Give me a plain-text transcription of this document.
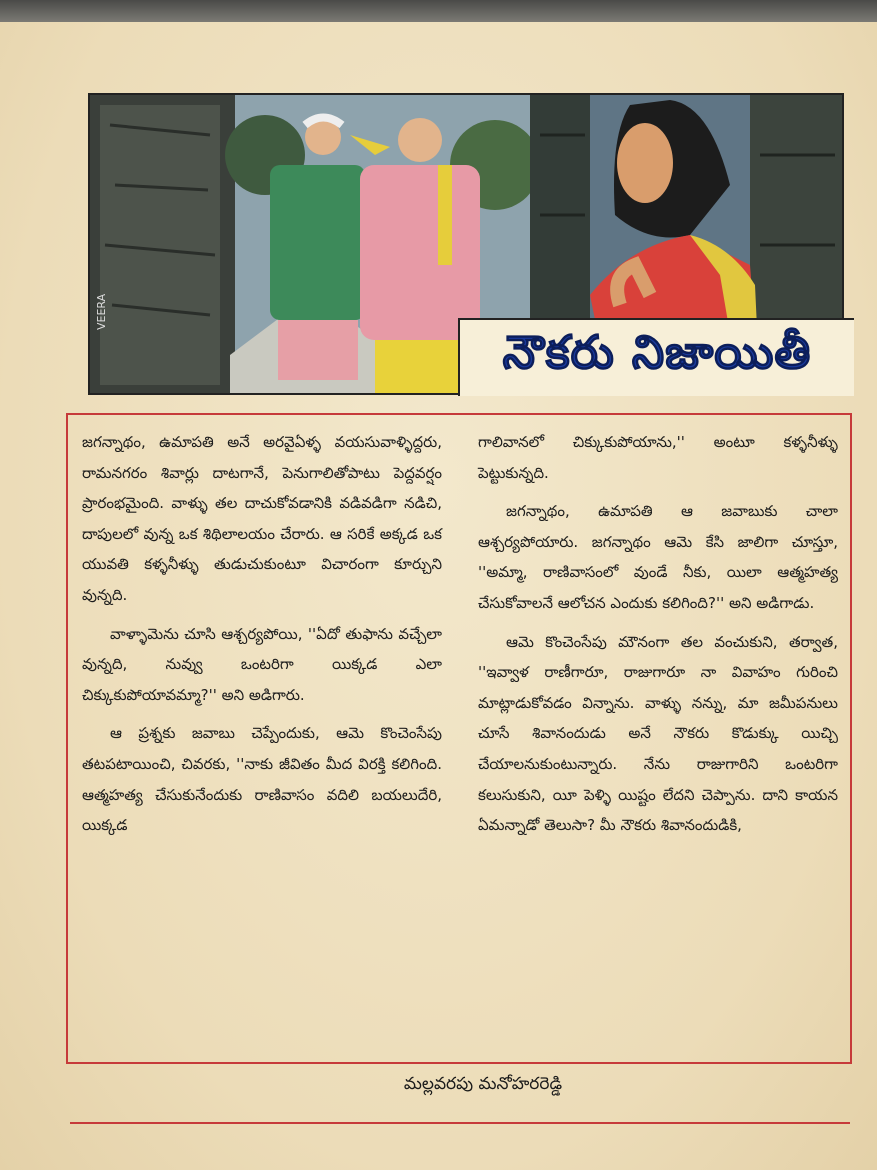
VEERA
నౌకరు నిజాయితీ

జగన్నాథం, ఉమాపతి అనే అరవైఏళ్ళ వయసువాళ్ళిద్దరు, రామనగరం శివార్లు దాటగానే, పెనుగాలితోపాటు పెద్దవర్షం ప్రారంభమైంది. వాళ్ళు తల దాచుకోవడానికి వడివడిగా నడిచి, దాపులలో వున్న ఒక శిథిలాలయం చేరారు. ఆ సరికే అక్కడ ఒక యువతి కళ్ళనీళ్ళు తుడుచుకుంటూ విచారంగా కూర్చుని వున్నది.

వాళ్ళామెను చూసి ఆశ్చర్యపోయి, ''ఏదో తుఫాను వచ్చేలా వున్నది, నువ్వు ఒంటరిగా యిక్కడ ఎలా చిక్కుకుపోయావమ్మా?'' అని అడిగారు.

ఆ ప్రశ్నకు జవాబు చెప్పేందుకు, ఆమె కొంచెంసేపు తటపటాయించి, చివరకు, ''నాకు జీవితం మీద విరక్తి కలిగింది. ఆత్మహత్య చేసుకునేందుకు రాణివాసం వదిలి బయలుదేరి, యిక్కడ

గాలివానలో చిక్కుకుపోయాను,'' అంటూ కళ్ళనీళ్ళు పెట్టుకున్నది.

జగన్నాథం, ఉమాపతి ఆ జవాబుకు చాలా ఆశ్చర్యపోయారు. జగన్నాథం ఆమె కేసి జాలిగా చూస్తూ, ''అమ్మా, రాణివాసంలో వుండే నీకు, యిలా ఆత్మహత్య చేసుకోవాలనే ఆలోచన ఎందుకు కలిగింది?'' అని అడిగాడు.

ఆమె కొంచెంసేపు మౌనంగా తల వంచుకుని, తర్వాత, ''ఇవ్వాళ రాణీగారూ, రాజుగారూ నా వివాహం గురించి మాట్లాడుకోవడం విన్నాను. వాళ్ళు నన్ను, మా జమీపనులు చూసే శివానందుడు అనే నౌకరు కొడుక్కు యిచ్చి చేయాలనుకుంటున్నారు. నేను రాజుగారిని ఒంటరిగా కలుసుకుని, యీ పెళ్ళి యిష్టం లేదని చెప్పాను. దాని కాయన ఏమన్నాడో తెలుసా? మీ నౌకరు శివానందుడికి,

మల్లవరపు మనోహరరెడ్డి
